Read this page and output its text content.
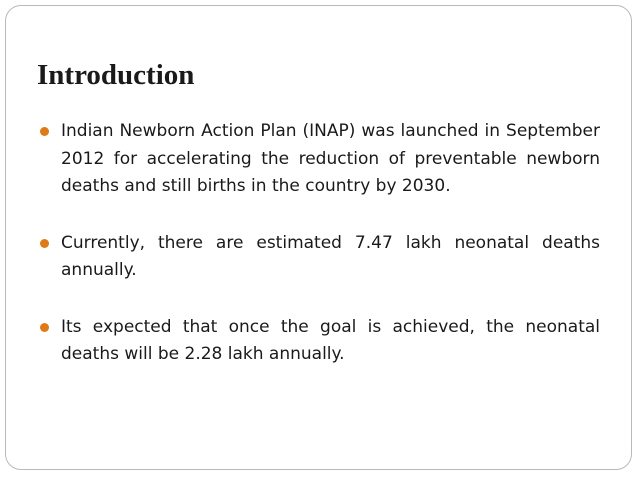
Introduction
Indian Newborn Action Plan (INAP) was launched in September 2012 for accelerating the reduction of preventable newborn deaths and still births in the country by 2030.
Currently, there are estimated 7.47 lakh neonatal deaths annually.
Its expected that once the goal is achieved, the neonatal deaths will be 2.28 lakh annually.
